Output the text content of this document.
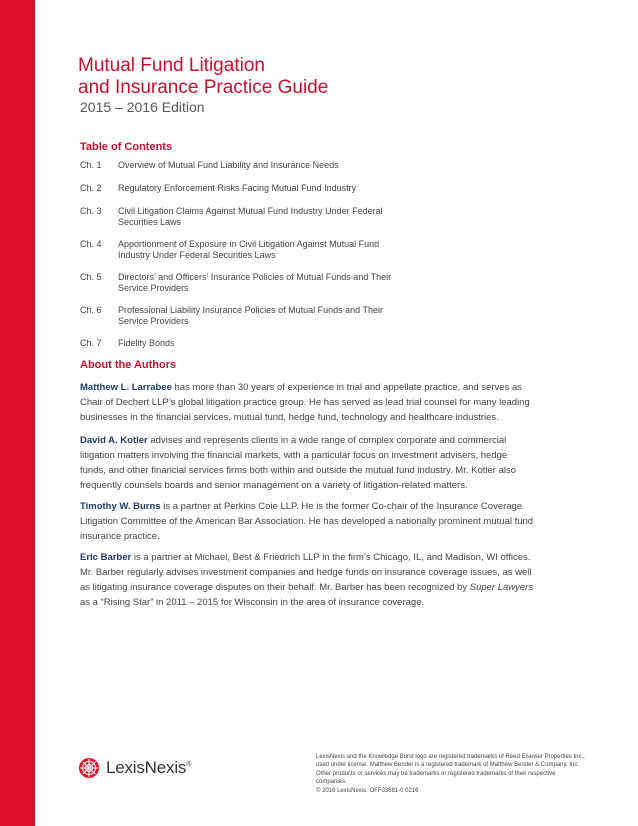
Mutual Fund Litigation
and Insurance Practice Guide
2015 – 2016 Edition
Table of Contents
Ch. 1	Overview of Mutual Fund Liability and Insurance Needs
Ch. 2	Regulatory Enforcement Risks Facing Mutual Fund Industry
Ch. 3	Civil Litigation Claims Against Mutual Fund Industry Under Federal Securities Laws
Ch. 4	Apportionment of Exposure in Civil Litigation Against Mutual Fund Industry Under Federal Securities Laws
Ch. 5	Directors’ and Officers’ Insurance Policies of Mutual Funds and Their Service Providers
Ch. 6	Professional Liability Insurance Policies of Mutual Funds and Their Service Providers
Ch. 7	Fidelity Bonds
About the Authors

Matthew L. Larrabee has more than 30 years of experience in trial and appellate practice, and serves as Chair of Dechert LLP’s global litigation practice group. He has served as lead trial counsel for many leading businesses in the financial services, mutual fund, hedge fund, technology and healthcare industries.

David A. Kotler advises and represents clients in a wide range of complex corporate and commercial litigation matters involving the financial markets, with a particular focus on investment advisers, hedge funds, and other financial services firms both within and outside the mutual fund industry. Mr. Kotler also frequently counsels boards and senior management on a variety of litigation-related matters.

Timothy W. Burns is a partner at Perkins Coie LLP. He is the former Co-chair of the Insurance Coverage Litigation Committee of the American Bar Association. He has developed a nationally prominent mutual fund insurance practice.

Eric Barber is a partner at Michael, Best & Friedrich LLP in the firm’s Chicago, IL, and Madison, WI offices. Mr. Barber regularly advises investment companies and hedge funds on insurance coverage issues, as well as litigating insurance coverage disputes on their behalf. Mr. Barber has been recognized by Super Lawyers as a “Rising Star” in 2011 – 2015 for Wisconsin in the area of insurance coverage.

LexisNexis®
LexisNexis and the Knowledge Burst logo are registered trademarks of Reed Elsevier Properties Inc., used under license. Matthew Bender is a registered trademark of Matthew Bender & Company, Inc. Other products or services may be trademarks or registered trademarks of their respective companies.
© 2016 LexisNexis. OFF03681-0 0216
